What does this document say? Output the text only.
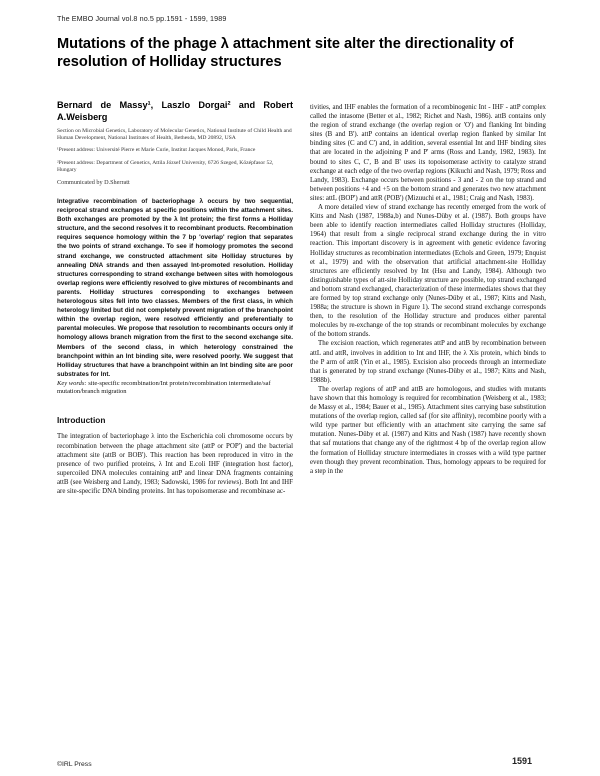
The EMBO Journal vol.8 no.5 pp.1591 - 1599, 1989
Mutations of the phage λ attachment site alter the directionality of resolution of Holliday structures

Bernard de Massy¹, Laszlo Dorgai² and Robert A.Weisberg

Section on Microbial Genetics, Laboratory of Molecular Genetics, National Institute of Child Health and Human Development, National Institutes of Health, Bethesda, MD 20892, USA

¹Present address: Université Pierre et Marie Curie, Institut Jacques Monod, Paris, France

²Present address: Department of Genetics, Attila József University, 6726 Szeged, Középfasor 52, Hungary

Communicated by D.Sherratt

Integrative recombination of bacteriophage λ occurs by two sequential, reciprocal strand exchanges at specific positions within the attachment sites. Both exchanges are promoted by the λ Int protein; the first forms a Holliday structure, and the second resolves it to recombinant products. Recombination requires sequence homology within the 7 bp 'overlap' region that separates the two points of strand exchange. To see if homology promotes the second strand exchange, we constructed attachment site Holliday structures by annealing DNA strands and then assayed Int-promoted resolution. Holliday structures corresponding to strand exchange between sites with homologous overlap regions were efficiently resolved to give mixtures of recombinants and parents. Holliday structures corresponding to exchanges between heterologous sites fell into two classes. Members of the first class, in which heterology limited but did not completely prevent migration of the branchpoint within the overlap region, were resolved efficiently and preferentially to parental molecules. We propose that resolution to recombinants occurs only if homology allows branch migration from the first to the second exchange site. Members of the second class, in which heterology constrained the branchpoint within an Int binding site, were resolved poorly. We suggest that Holliday structures that have a branchpoint within an Int binding site are poor substrates for Int.

Key words: site-specific recombination/Int protein/recombination intermediate/saf mutation/branch migration

Introduction

The integration of bacteriophage λ into the Escherichia coli chromosome occurs by recombination between the phage attachment site (attP or POP') and the bacterial attachment site (attB or BOB'). This reaction has been reproduced in vitro in the presence of two purified proteins, λ Int and E.coli IHF (integration host factor), supercoiled DNA molecules containing attP and linear DNA fragments containing attB (see Weisberg and Landy, 1983; Sadowski, 1986 for reviews). Both Int and IHF are site-specific DNA binding proteins. Int has topoisomerase and recombinase ac-

tivities, and IHF enables the formation of a recombinogenic Int - IHF - attP complex called the intasome (Better et al., 1982; Richet and Nash, 1986). attB contains only the region of strand exchange (the overlap region or 'O') and flanking Int binding sites (B and B'). attP contains an identical overlap region flanked by similar Int binding sites (C and C') and, in addition, several essential Int and IHF binding sites that are located in the adjoining P and P' arms (Ross and Landy, 1982, 1983). Int bound to sites C, C', B and B' uses its topoisomerase activity to catalyze strand exchange at each edge of the two overlap regions (Kikuchi and Nash, 1979; Ross and Landy, 1983). Exchange occurs between positions - 3 and - 2 on the top strand and between positions +4 and +5 on the bottom strand and generates two new attachment sites: attL (BOP') and attR (POB') (Mizuuchi et al., 1981; Craig and Nash, 1983).

A more detailed view of strand exchange has recently emerged from the work of Kitts and Nash (1987, 1988a,b) and Nunes-Düby et al. (1987). Both groups have been able to identify reaction intermediates called Holliday structures (Holliday, 1964) that result from a single reciprocal strand exchange during the in vitro reaction. This important discovery is in agreement with genetic evidence favoring Holliday structures as recombination intermediates (Echols and Green, 1979; Enquist et al., 1979) and with the observation that artificial attachment-site Holliday structures are efficiently resolved by Int (Hsu and Landy, 1984). Although two distinguishable types of att-site Holliday structure are possible, top strand exchanged and bottom strand exchanged, characterization of these intermediates shows that they are formed by top strand exchange only (Nunes-Düby et al., 1987; Kitts and Nash, 1988a; the structure is shown in Figure 1). The second strand exchange corresponds then, to the resolution of the Holliday structure and produces either parental molecules by re-exchange of the top strands or recombinant molecules by exchange of the bottom strands.

The excision reaction, which regenerates attP and attB by recombination between attL and attR, involves in addition to Int and IHF, the λ Xis protein, which binds to the P arm of attR (Yin et al., 1985). Excision also proceeds through an intermediate that is generated by top strand exchange (Nunes-Düby et al., 1987; Kitts and Nash, 1988b).

The overlap regions of attP and attB are homologous, and studies with mutants have shown that this homology is required for recombination (Weisberg et al., 1983; de Massy et al., 1984; Bauer et al., 1985). Attachment sites carrying base substitution mutations of the overlap region, called saf (for site affinity), recombine poorly with a wild type partner but efficiently with an attachment site carrying the same saf mutation. Nunes-Düby et al. (1987) and Kitts and Nash (1987) have recently shown that saf mutations that change any of the rightmost 4 bp of the overlap region allow the formation of Holliday structure intermediates in crosses with a wild type partner even though they prevent recombination. Thus, homology appears to be required for a step in the

©IRL Press	1591
